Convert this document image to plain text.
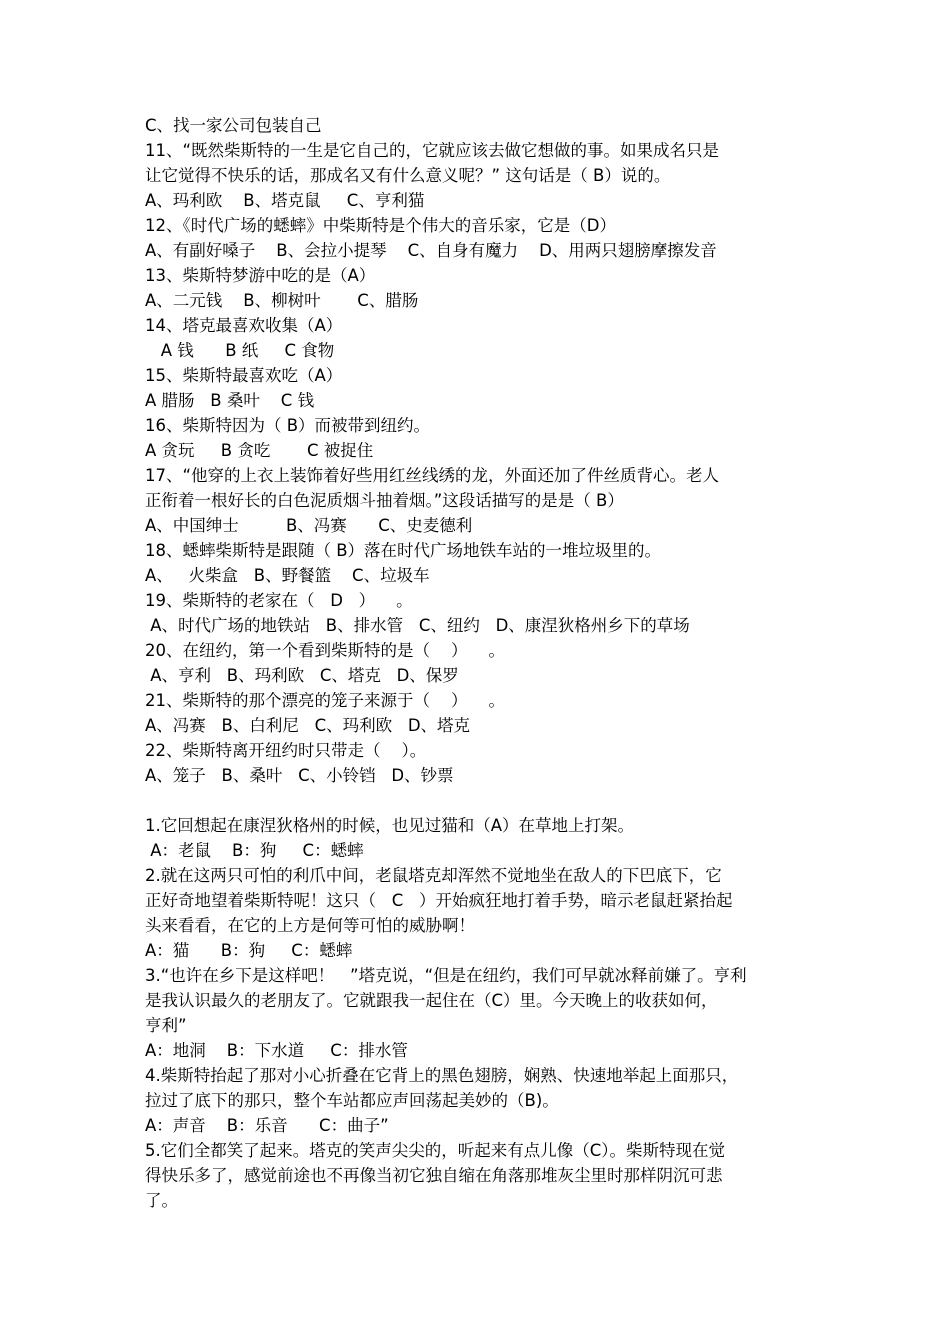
C、找一家公司包装自己
11、“既然柴斯特的一生是它自己的，它就应该去做它想做的事。如果成名只是
让它觉得不快乐的话，那成名又有什么意义呢？” 这句话是（ B）说的。
A、玛利欧    B、塔克鼠     C、亨利猫
12、《时代广场的蟋蟀》中柴斯特是个伟大的音乐家，它是（D）
A、有副好嗓子    B、会拉小提琴    C、自身有魔力    D、用两只翅膀摩擦发音
13、柴斯特梦游中吃的是（A）
A、二元钱    B、柳树叶       C、腊肠
14、塔克最喜欢收集（A）
A 钱      B 纸     C 食物
15、柴斯特最喜欢吃（A）
A 腊肠   B 桑叶    C 钱
16、柴斯特因为（ B）而被带到纽约。
A 贪玩     B 贪吃       C 被捉住
17、“他穿的上衣上装饰着好些用红丝线绣的龙，外面还加了件丝质背心。老人
正衔着一根好长的白色泥质烟斗抽着烟。”这段话描写的是是（ B）
A、中国绅士         B、冯赛      C、史麦德利
18、蟋蟀柴斯特是跟随（ B）落在时代广场地铁车站的一堆垃圾里的。
A、   火柴盒   B、野餐篮    C、垃圾车
19、柴斯特的老家在（   D   ）    。
A、时代广场的地铁站   B、排水管   C、纽约   D、康涅狄格州乡下的草场
20、在纽约，第一个看到柴斯特的是（    ）    。
A、亨利   B、玛利欧   C、塔克   D、保罗
21、柴斯特的那个漂亮的笼子来源于（    ）    。
A、冯赛   B、白利尼   C、玛利欧   D、塔克
22、柴斯特离开纽约时只带走（    ）。
A、笼子   B、桑叶   C、小铃铛   D、钞票
1.它回想起在康涅狄格州的时候，也见过猫和（A）在草地上打架。
A：老鼠    B：狗     C：蟋蟀
2.就在这两只可怕的利爪中间，老鼠塔克却浑然不觉地坐在敌人的下巴底下，它
正好奇地望着柴斯特呢！这只（   C   ）开始疯狂地打着手势，暗示老鼠赶紧抬起
头来看看，在它的上方是何等可怕的威胁啊！
A：猫      B：狗     C：蟋蟀
3.“也许在乡下是这样吧！   ”塔克说，“但是在纽约，我们可早就冰释前嫌了。亨利
是我认识最久的老朋友了。它就跟我一起住在（C）里。今天晚上的收获如何，
亨利”
A：地洞    B：下水道     C：排水管
4.柴斯特抬起了那对小心折叠在它背上的黑色翅膀，娴熟、快速地举起上面那只，
拉过了底下的那只，整个车站都应声回荡起美妙的（B)。
A：声音    B：乐音      C：曲子”
5.它们全都笑了起来。塔克的笑声尖尖的，听起来有点儿像（C）。柴斯特现在觉
得快乐多了，感觉前途也不再像当初它独自缩在角落那堆灰尘里时那样阴沉可悲
了。
